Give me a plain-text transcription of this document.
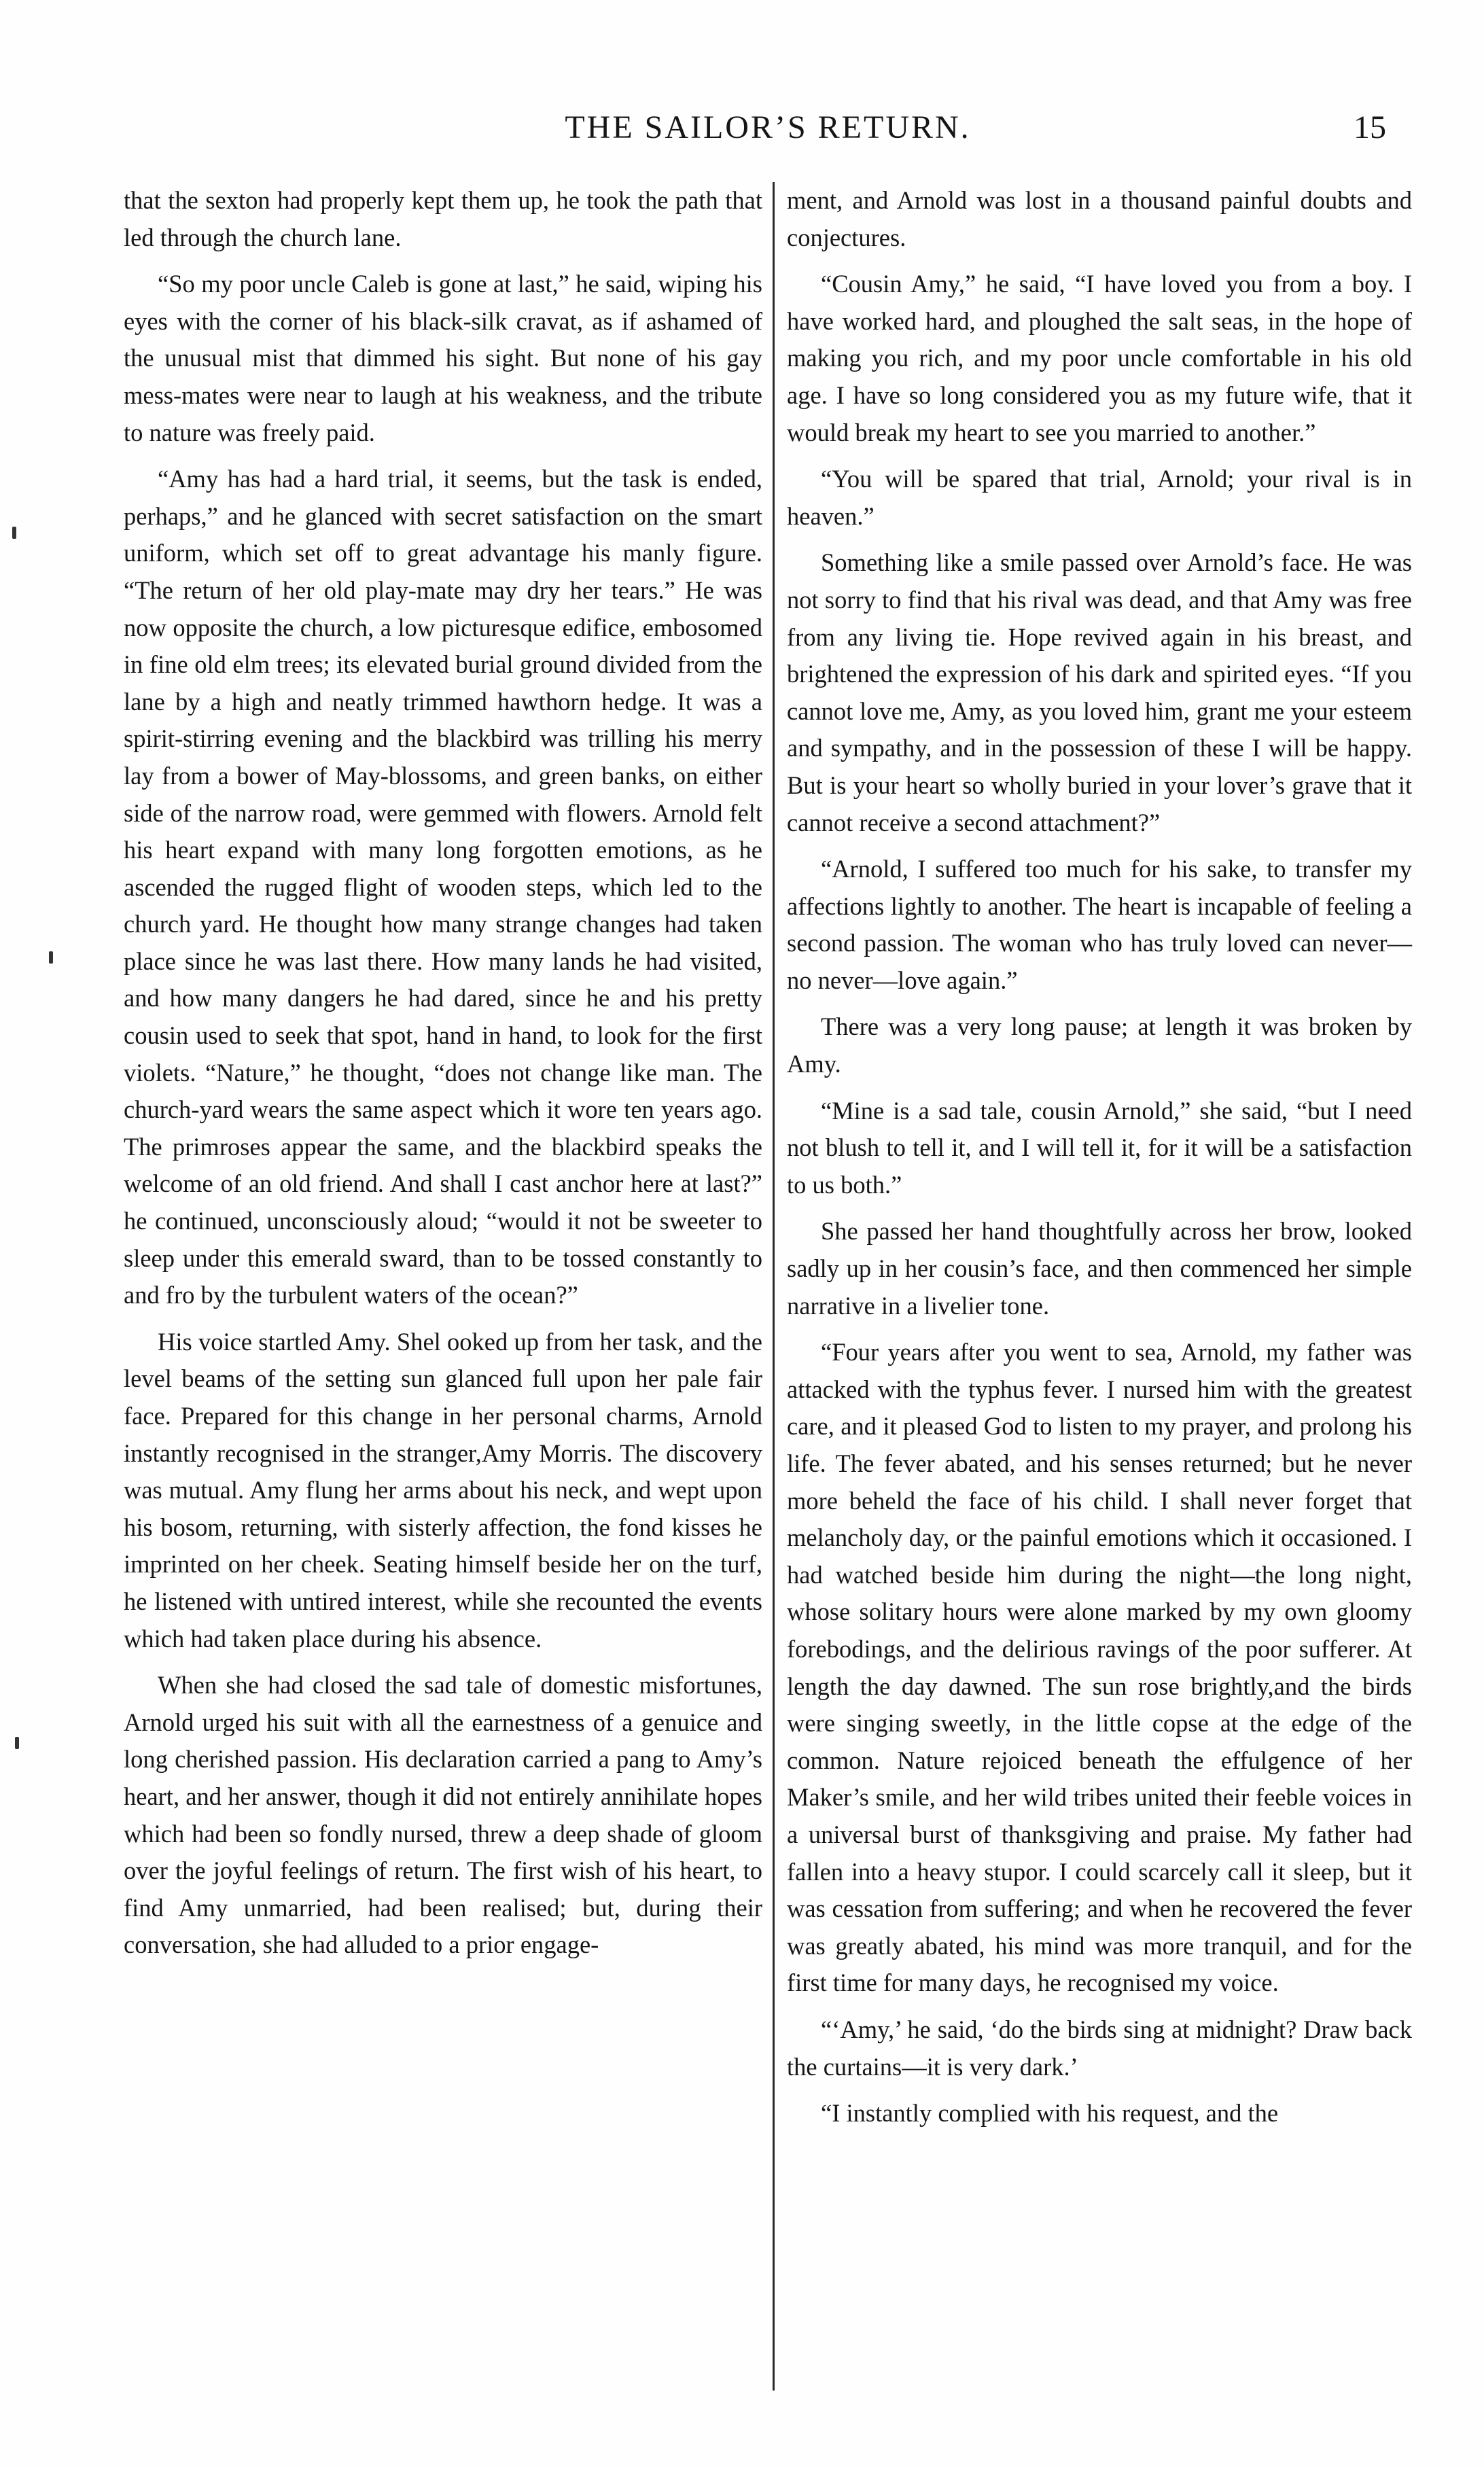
THE SAILOR’S RETURN.	15

that the sexton had properly kept them up, he took the path that led through the church lane.

“So my poor uncle Caleb is gone at last,” he said, wiping his eyes with the corner of his black-silk cravat, as if ashamed of the unusual mist that dimmed his sight. But none of his gay mess-mates were near to laugh at his weakness, and the tribute to nature was freely paid.

“Amy has had a hard trial, it seems, but the task is ended, perhaps,” and he glanced with secret satisfaction on the smart uniform, which set off to great advantage his manly figure. “The return of her old play-mate may dry her tears.” He was now opposite the church, a low picturesque edifice, embosomed in fine old elm trees; its elevated burial ground divided from the lane by a high and neatly trimmed hawthorn hedge. It was a spirit-stirring evening and the blackbird was trilling his merry lay from a bower of May-blossoms, and green banks, on either side of the narrow road, were gemmed with flowers. Arnold felt his heart expand with many long forgotten emotions, as he ascended the rugged flight of wooden steps, which led to the church yard. He thought how many strange changes had taken place since he was last there. How many lands he had visited, and how many dangers he had dared, since he and his pretty cousin used to seek that spot, hand in hand, to look for the first violets. “Nature,” he thought, “does not change like man. The church-yard wears the same aspect which it wore ten years ago. The primroses appear the same, and the blackbird speaks the welcome of an old friend. And shall I cast anchor here at last?” he continued, unconsciously aloud; “would it not be sweeter to sleep under this emerald sward, than to be tossed constantly to and fro by the turbulent waters of the ocean?”

His voice startled Amy. Shel ooked up from her task, and the level beams of the setting sun glanced full upon her pale fair face. Prepared for this change in her personal charms, Arnold instantly recognised in the stranger,Amy Morris. The discovery was mutual. Amy flung her arms about his neck, and wept upon his bosom, returning, with sisterly affection, the fond kisses he imprinted on her cheek. Seating himself beside her on the turf, he listened with untired interest, while she recounted the events which had taken place during his absence.

When she had closed the sad tale of domestic misfortunes, Arnold urged his suit with all the earnestness of a genuice and long cherished passion. His declaration carried a pang to Amy’s heart, and her answer, though it did not entirely annihilate hopes which had been so fondly nursed, threw a deep shade of gloom over the joyful feelings of return. The first wish of his heart, to find Amy unmarried, had been realised; but, during their conversation, she had alluded to a prior engage-

ment, and Arnold was lost in a thousand painful doubts and conjectures.

“Cousin Amy,” he said, “I have loved you from a boy. I have worked hard, and ploughed the salt seas, in the hope of making you rich, and my poor uncle comfortable in his old age. I have so long considered you as my future wife, that it would break my heart to see you married to another.”

“You will be spared that trial, Arnold; your rival is in heaven.”

Something like a smile passed over Arnold’s face. He was not sorry to find that his rival was dead, and that Amy was free from any living tie. Hope revived again in his breast, and brightened the expression of his dark and spirited eyes. “If you cannot love me, Amy, as you loved him, grant me your esteem and sympathy, and in the possession of these I will be happy. But is your heart so wholly buried in your lover’s grave that it cannot receive a second attachment?”

“Arnold, I suffered too much for his sake, to transfer my affections lightly to another. The heart is incapable of feeling a second passion. The woman who has truly loved can never—no never—love again.”

There was a very long pause; at length it was broken by Amy.

“Mine is a sad tale, cousin Arnold,” she said, “but I need not blush to tell it, and I will tell it, for it will be a satisfaction to us both.”

She passed her hand thoughtfully across her brow, looked sadly up in her cousin’s face, and then commenced her simple narrative in a livelier tone.

“Four years after you went to sea, Arnold, my father was attacked with the typhus fever. I nursed him with the greatest care, and it pleased God to listen to my prayer, and prolong his life. The fever abated, and his senses returned; but he never more beheld the face of his child. I shall never forget that melancholy day, or the painful emotions which it occasioned. I had watched beside him during the night—the long night, whose solitary hours were alone marked by my own gloomy forebodings, and the delirious ravings of the poor sufferer. At length the day dawned. The sun rose brightly,and the birds were singing sweetly, in the little copse at the edge of the common. Nature rejoiced beneath the effulgence of her Maker’s smile, and her wild tribes united their feeble voices in a universal burst of thanksgiving and praise. My father had fallen into a heavy stupor. I could scarcely call it sleep, but it was cessation from suffering; and when he recovered the fever was greatly abated, his mind was more tranquil, and for the first time for many days, he recognised my voice.

“‘Amy,’ he said, ‘do the birds sing at midnight? Draw back the curtains—it is very dark.’

“I instantly complied with his request, and the
